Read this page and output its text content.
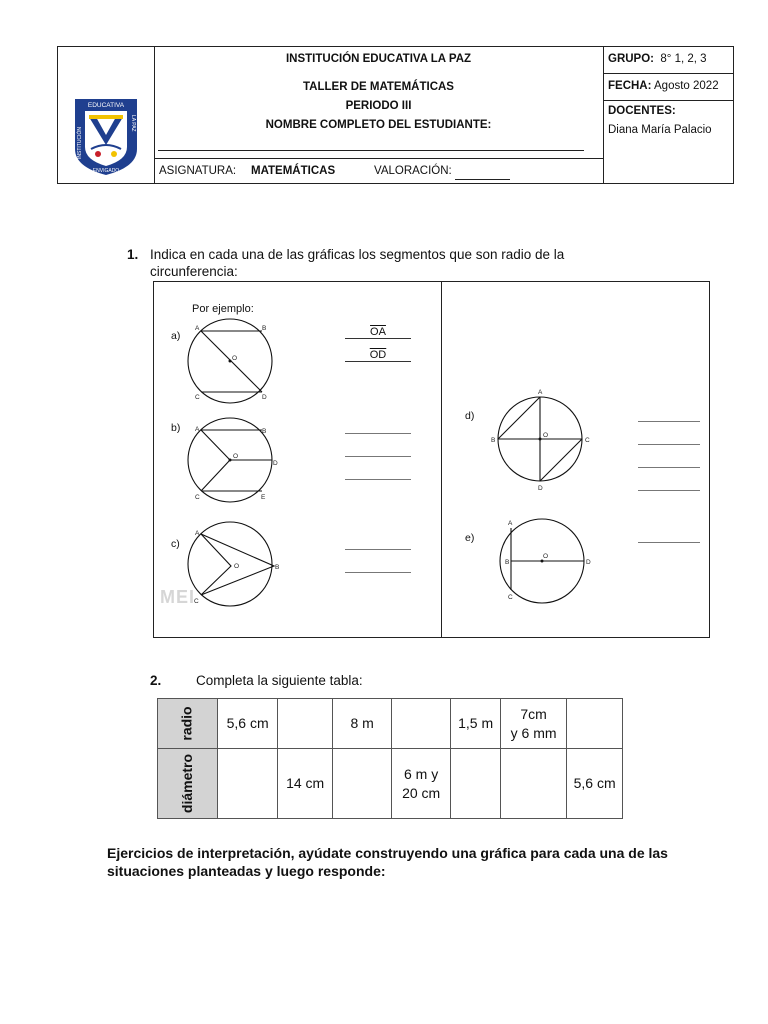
EDUCATIVA
ENVIGADO
INSTITUCIÓN
LA PAZ
INSTITUCIÓN EDUCATIVA LA PAZ
TALLER DE MATEMÁTICAS
PERIODO III
NOMBRE COMPLETO DEL ESTUDIANTE:
ASIGNATURA: MATEMÁTICAS	VALORACIÓN:
GRUPO: 8° 1, 2, 3
FECHA: Agosto 2022
DOCENTES:
Diana María Palacio
1. Indica en cada una de las gráficas los segmentos que son radio de la circunferencia:
MEI
Por ejemplo:
a)
b)
c)
d)
e)
$\overline{OA}$
$\overline{OD}$
A	B
O
C	D
A	B
O
D
C	E
A
O	B
C
A
B
O
C
D
A
B
O
D
C
2.	Completa la siguiente tabla:
radio	5,6 cm		8 m		1,5 m	7cm
y 6 mm	
diámetro		14 cm		6 m y
20 cm			5,6 cm
Ejercicios de interpretación, ayúdate construyendo una gráfica para cada una de las
situaciones planteadas y luego responde:
